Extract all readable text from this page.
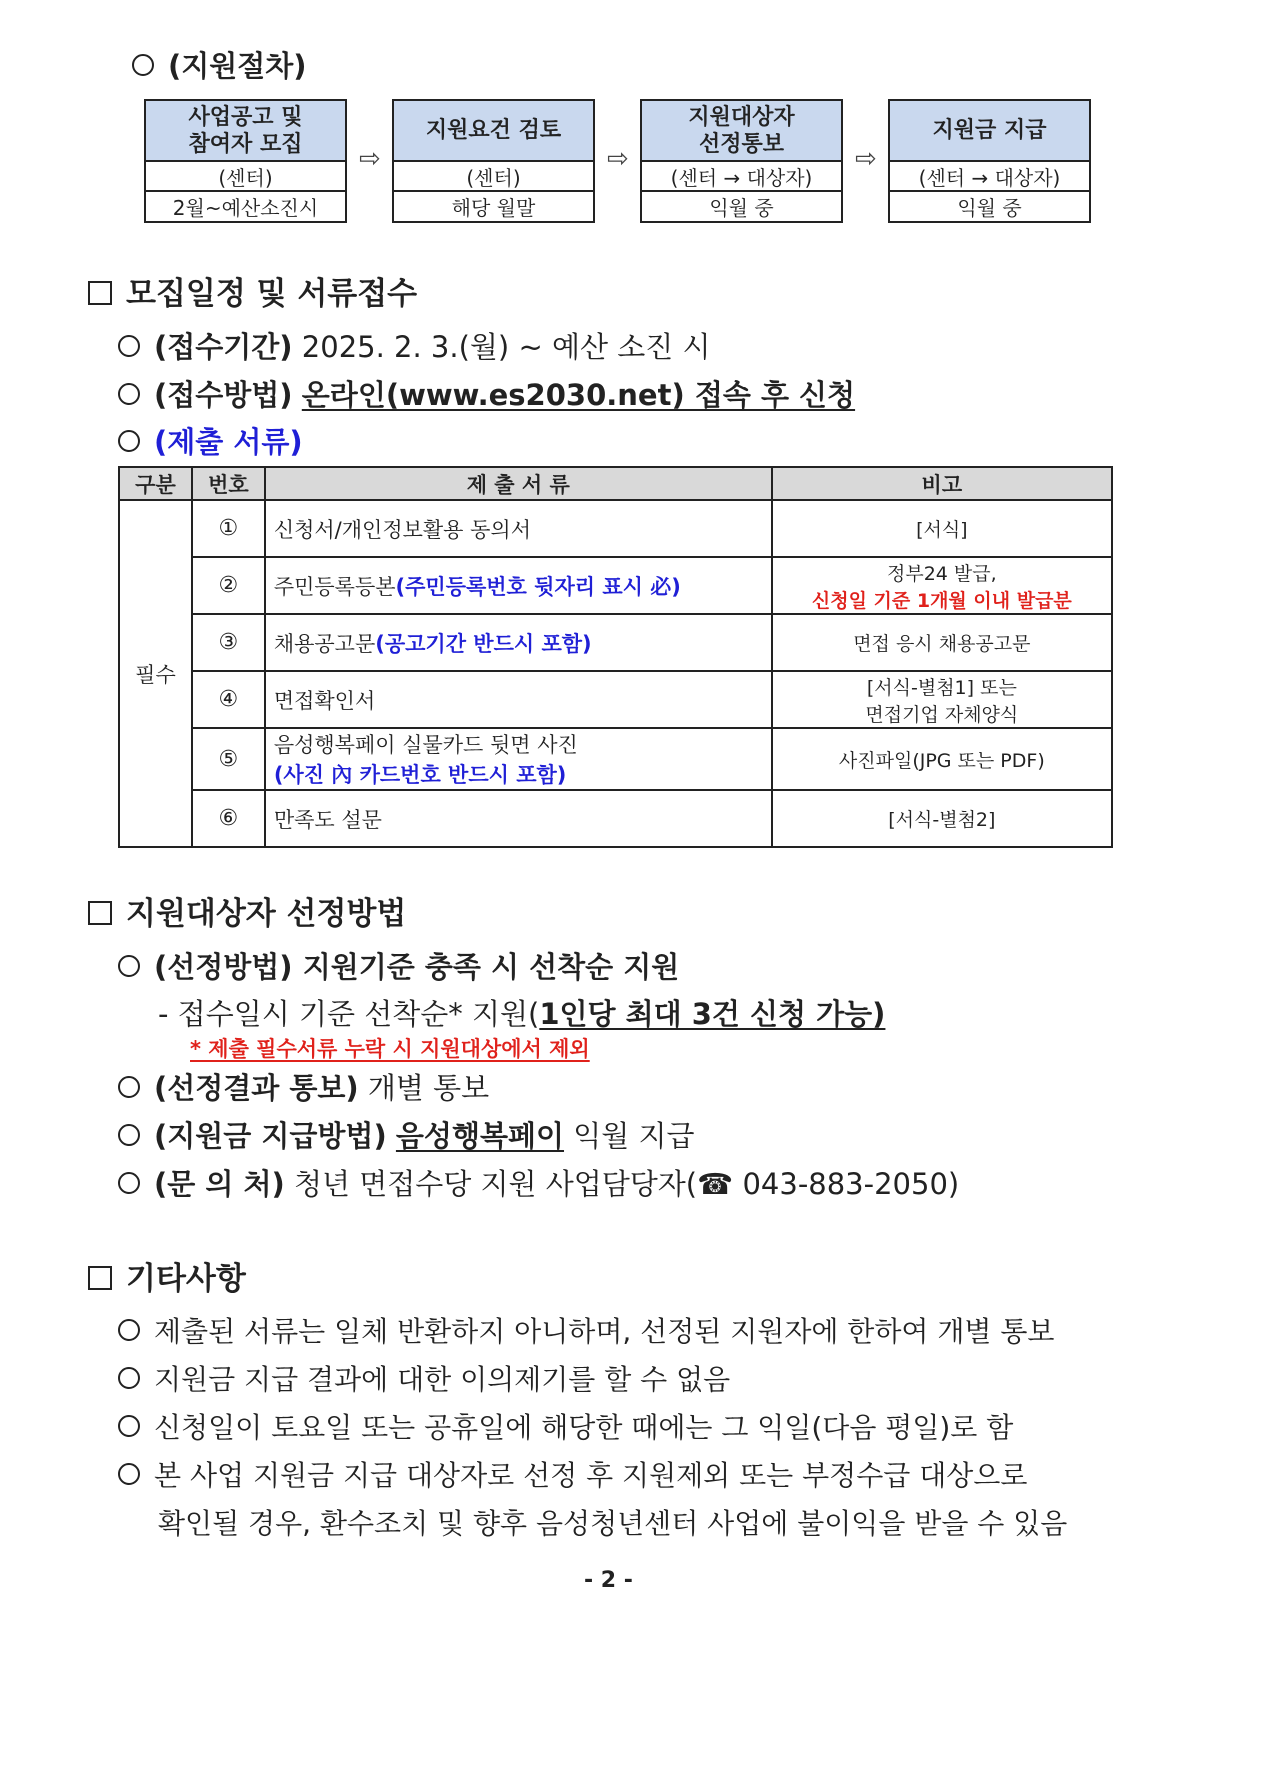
(지원절차)
사업공고 및
참여자 모집
(센터)
2월~예산소진시
⇨
지원요건 검토
(센터)
해당 월말
⇨
지원대상자
선정통보
(센터 → 대상자)
익월 중
⇨
지원금 지급
(센터 → 대상자)
익월 중
모집일정 및 서류접수
(접수기간) 2025. 2. 3.(월) ~ 예산 소진 시
(접수방법) 온라인(www.es2030.net) 접속 후 신청
(제출 서류)
구분	번호	제 출 서 류	비고
필수	①	신청서/개인정보활용 동의서	[서식]
	②	주민등록등본(주민등록번호 뒷자리 표시 必)	정부24 발급,
신청일 기준 1개월 이내 발급분

	③	채용공고문(공고기간 반드시 포함)	면접 응시 채용공고문
	④	면접확인서	[서식-별첨1] 또는
면접기업 자체양식

	⑤	음성행복페이 실물카드 뒷면 사진
(사진 內 카드번호 반드시 포함)	사진파일(JPG 또는 PDF)
	⑥	만족도 설문	[서식-별첨2]
지원대상자 선정방법
(선정방법) 지원기준 충족 시 선착순 지원
- 접수일시 기준 선착순* 지원(1인당 최대 3건 신청 가능)
* 제출 필수서류 누락 시 지원대상에서 제외
(선정결과 통보) 개별 통보
(지원금 지급방법) 음성행복페이 익월 지급
(문 의 처) 청년 면접수당 지원 사업담당자(☎ 043-883-2050)
기타사항
제출된 서류는 일체 반환하지 아니하며, 선정된 지원자에 한하여 개별 통보
지원금 지급 결과에 대한 이의제기를 할 수 없음
신청일이 토요일 또는 공휴일에 해당한 때에는 그 익일(다음 평일)로 함
본 사업 지원금 지급 대상자로 선정 후 지원제외 또는 부정수급 대상으로
확인될 경우, 환수조치 및 향후 음성청년센터 사업에 불이익을 받을 수 있음
- 2 -
